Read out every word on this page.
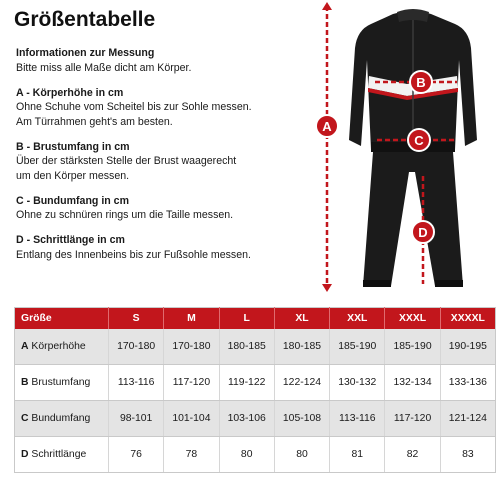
Größentabelle
Informationen zur Messung
Bitte miss alle Maße dicht am Körper.
A - Körperhöhe in cm
Ohne Schuhe vom Scheitel bis zur Sohle messen.
Am Türrahmen geht's am besten.
B - Brustumfang in cm
Über der stärksten Stelle der Brust waagerecht
um den Körper messen.
C - Bundumfang in cm
Ohne zu schnüren rings um die Taille messen.
D - Schrittlänge in cm
Entlang des Innenbeins bis zur Fußsohle messen.
A
B
C
D
Größe	S	M	L	XL	XXL	XXXL	XXXXL
A Körperhöhe	170-180	170-180	180-185	180-185	185-190	185-190	190-195
B Brustumfang	113-116	117-120	119-122	122-124	130-132	132-134	133-136
C Bundumfang	98-101	101-104	103-106	105-108	113-116	117-120	121-124
D Schrittlänge	76	78	80	80	81	82	83
